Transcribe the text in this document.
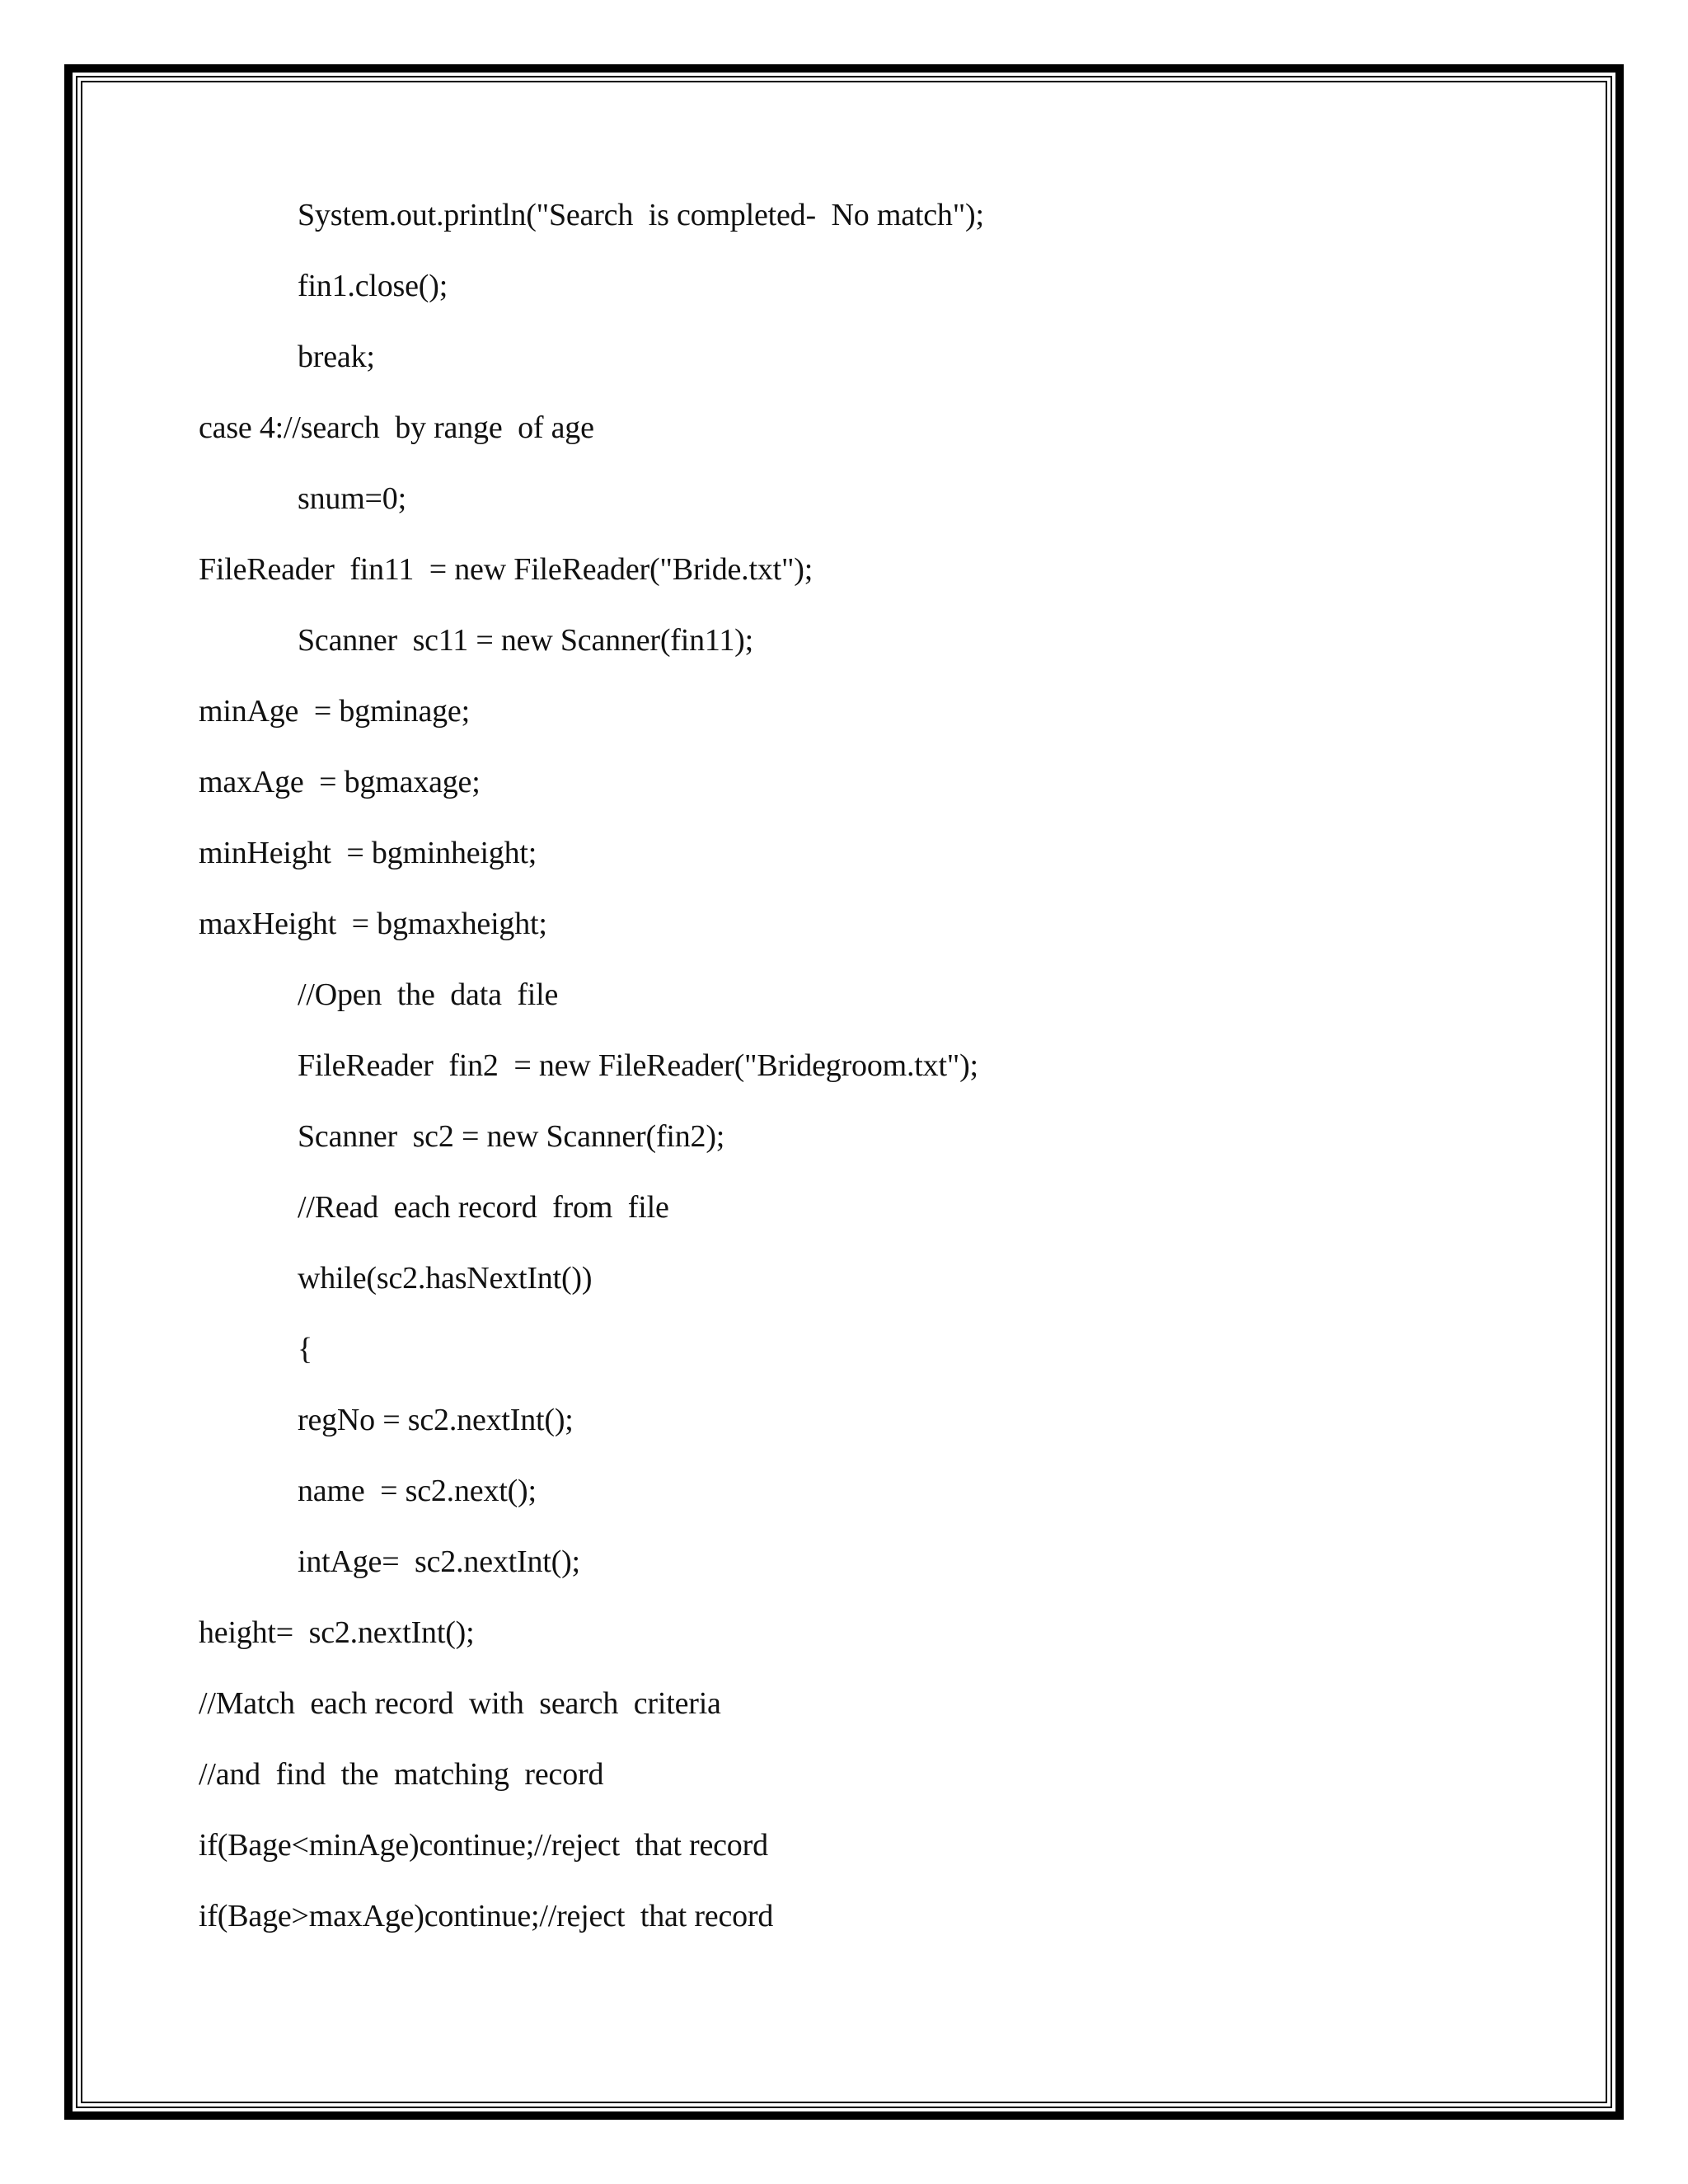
System.out.println("Search  is completed-  No match");
fin1.close();
break;
case 4://search  by range  of age
snum=0;
FileReader  fin11  = new FileReader("Bride.txt");
Scanner  sc11 = new Scanner(fin11);
minAge  = bgminage;
maxAge  = bgmaxage;
minHeight  = bgminheight;
maxHeight  = bgmaxheight;
//Open  the  data  file
FileReader  fin2  = new FileReader("Bridegroom.txt");
Scanner  sc2 = new Scanner(fin2);
//Read  each record  from  file
while(sc2.hasNextInt())
{
regNo = sc2.nextInt();
name  = sc2.next();
intAge=  sc2.nextInt();
height=  sc2.nextInt();
//Match  each record  with  search  criteria
//and  find  the  matching  record
if(Bage<minAge)continue;//reject  that record
if(Bage>maxAge)continue;//reject  that record
